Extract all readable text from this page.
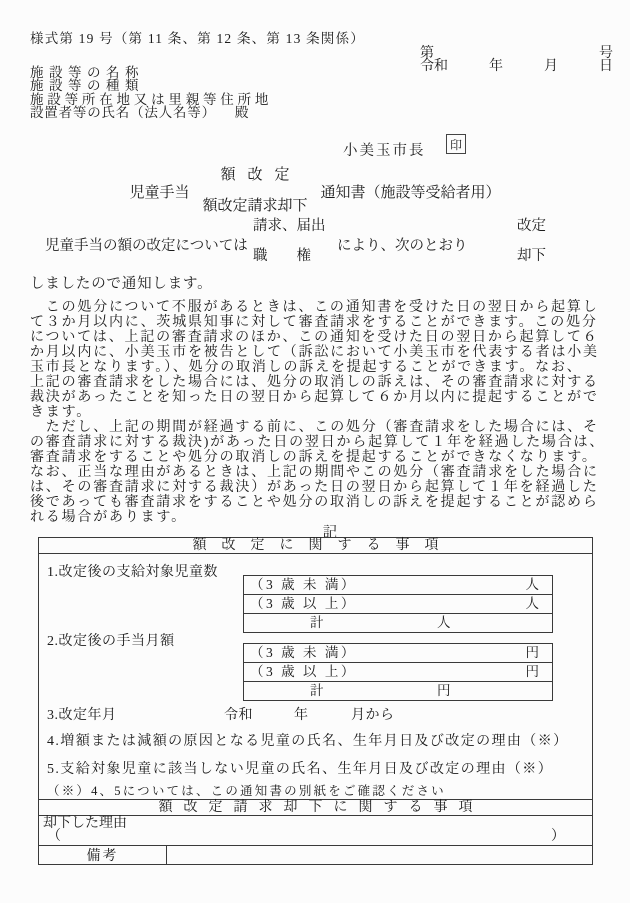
様式第 19 号（第 11 条、第 12 条、第 13 条関係）
第	号
令和	年	月	日
施設等の名称
施設等の種類
施設等所在地又は里親等住所地
設置者等の氏名（法人名等） 殿
小美玉市長	印
児童手当
額改定
額改定請求却下
通知書（施設等受給者用）
児童手当の額の改定については
請求、届出
職　　権
により、次のとおり
改定
却下
しましたので通知します。
　この処分について不服があるときは、この通知書を受けた日の翌日から起算し
て３か月以内に、茨城県知事に対して審査請求をすることができます。この処分
については、上記の審査請求のほか、この通知を受けた日の翌日から起算して６
か月以内に、小美玉市を被告として（訴訟において小美玉市を代表する者は小美
玉市長となります。）、処分の取消しの訴えを提起することができます。なお、
上記の審査請求をした場合には、処分の取消しの訴えは、その審査請求に対する
裁決があったことを知った日の翌日から起算して６か月以内に提起することがで
きます。
　ただし、上記の期間が経過する前に、この処分（審査請求をした場合には、そ
の審査請求に対する裁決)があった日の翌日から起算して１年を経過した場合は、
審査請求をすることや処分の取消しの訴えを提起することができなくなります。
なお、正当な理由があるときは、上記の期間やこの処分（審査請求をした場合に
は、その審査請求に対する裁決）があった日の翌日から起算して１年を経過した
後であっても審査請求をすることや処分の取消しの訴えを提起することが認めら
れる場合があります。
記
額改定に関する事項
1.改定後の支給対象児童数
（3 歳 未 満）	人
（3 歳 以 上）	人
計	人
2.改定後の手当月額
（3 歳 未 満）	円
（3 歳 以 上）	円
計	円
3.改定年月	令和	年	月から
4.増額または減額の原因となる児童の氏名、生年月日及び改定の理由（※）
5.支給対象児童に該当しない児童の氏名、生年月日及び改定の理由（※）
（※）4、5については、この通知書の別紙をご確認ください
額改定請求却下に関する事項
却下した理由
（	）
備考
